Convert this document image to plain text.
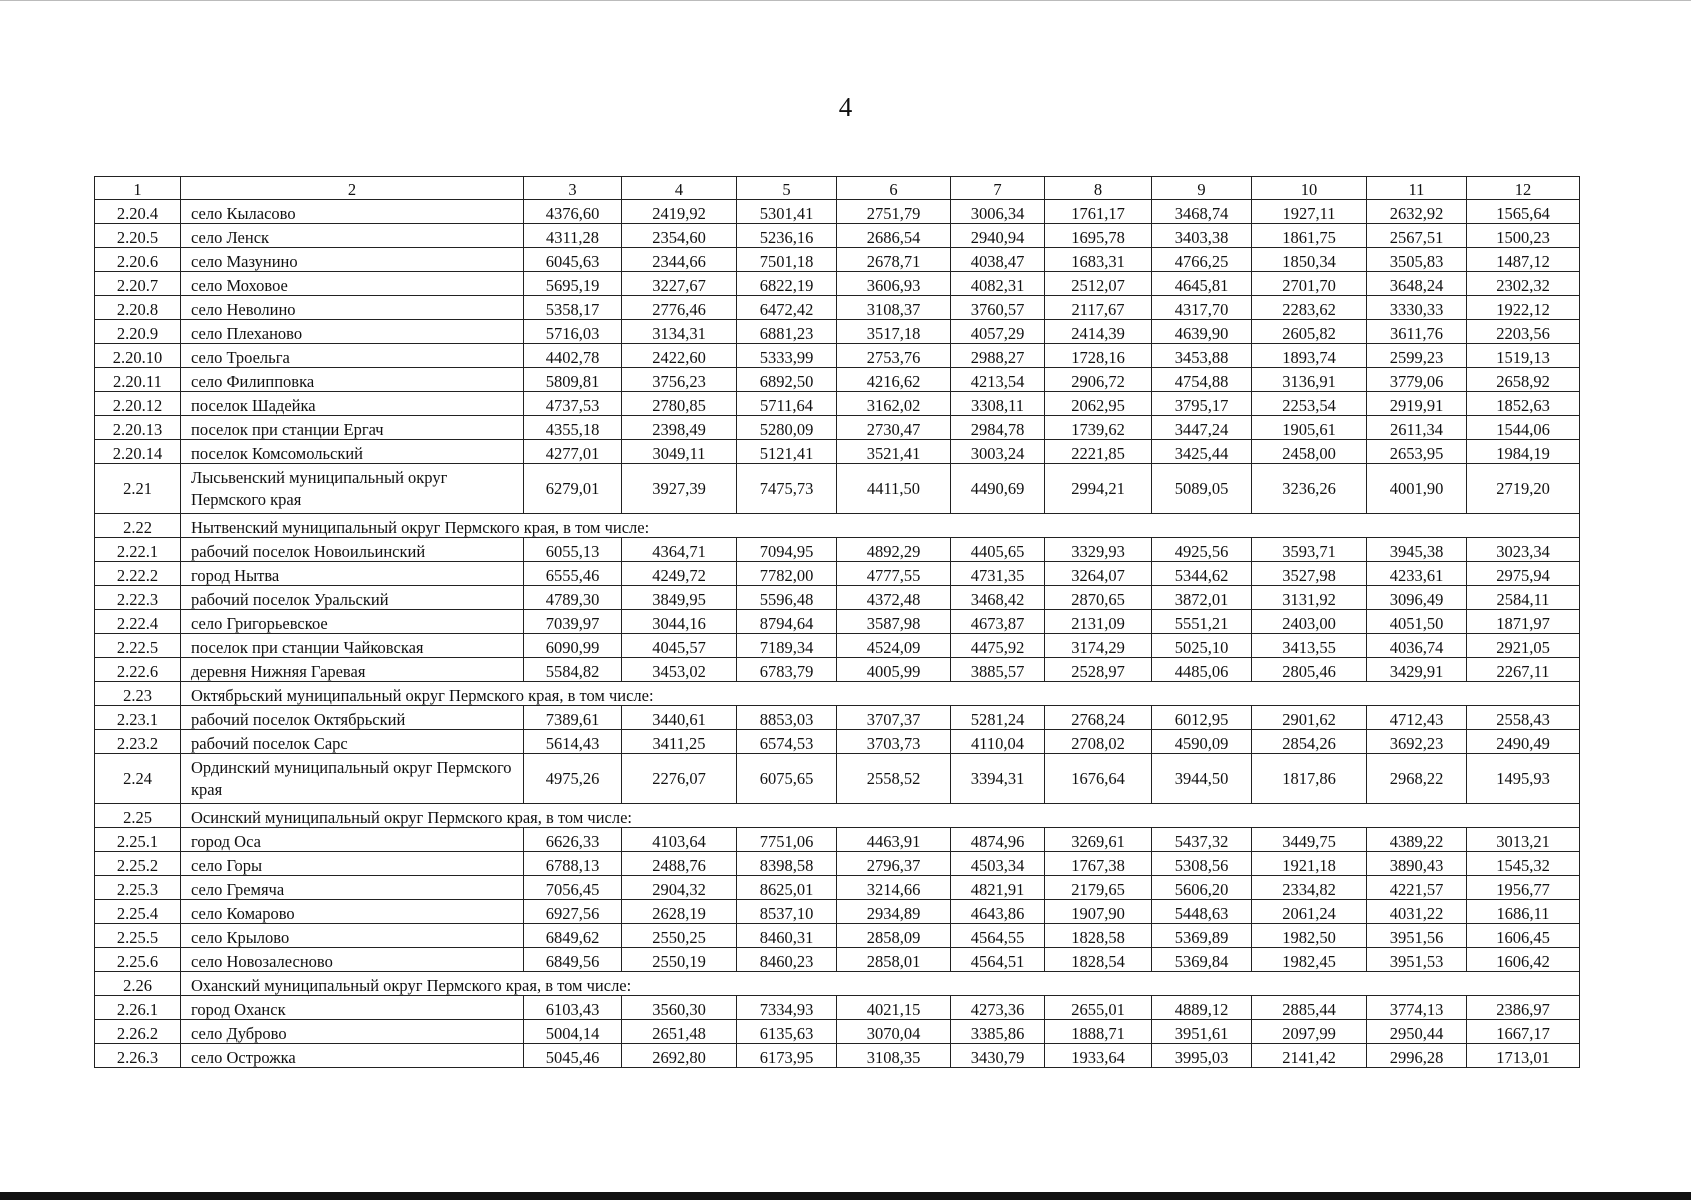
4
1	2	3	4	5	6	7	8	9	10	11	12
2.20.4	село Кыласово	4376,60	2419,92	5301,41	2751,79	3006,34	1761,17	3468,74	1927,11	2632,92	1565,64
2.20.5	село Ленск	4311,28	2354,60	5236,16	2686,54	2940,94	1695,78	3403,38	1861,75	2567,51	1500,23
2.20.6	село Мазунино	6045,63	2344,66	7501,18	2678,71	4038,47	1683,31	4766,25	1850,34	3505,83	1487,12
2.20.7	село Моховое	5695,19	3227,67	6822,19	3606,93	4082,31	2512,07	4645,81	2701,70	3648,24	2302,32
2.20.8	село Неволино	5358,17	2776,46	6472,42	3108,37	3760,57	2117,67	4317,70	2283,62	3330,33	1922,12
2.20.9	село Плеханово	5716,03	3134,31	6881,23	3517,18	4057,29	2414,39	4639,90	2605,82	3611,76	2203,56
2.20.10	село Троельга	4402,78	2422,60	5333,99	2753,76	2988,27	1728,16	3453,88	1893,74	2599,23	1519,13
2.20.11	село Филипповка	5809,81	3756,23	6892,50	4216,62	4213,54	2906,72	4754,88	3136,91	3779,06	2658,92
2.20.12	поселок Шадейка	4737,53	2780,85	5711,64	3162,02	3308,11	2062,95	3795,17	2253,54	2919,91	1852,63
2.20.13	поселок при станции Ергач	4355,18	2398,49	5280,09	2730,47	2984,78	1739,62	3447,24	1905,61	2611,34	1544,06
2.20.14	поселок Комсомольский	4277,01	3049,11	5121,41	3521,41	3003,24	2221,85	3425,44	2458,00	2653,95	1984,19
2.21	Лысьвенский муниципальный округ Пермского края	6279,01	3927,39	7475,73	4411,50	4490,69	2994,21	5089,05	3236,26	4001,90	2719,20
2.22	Нытвенский муниципальный округ Пермского края, в том числе:										
2.22.1	рабочий поселок Новоильинский	6055,13	4364,71	7094,95	4892,29	4405,65	3329,93	4925,56	3593,71	3945,38	3023,34
2.22.2	город Нытва	6555,46	4249,72	7782,00	4777,55	4731,35	3264,07	5344,62	3527,98	4233,61	2975,94
2.22.3	рабочий поселок Уральский	4789,30	3849,95	5596,48	4372,48	3468,42	2870,65	3872,01	3131,92	3096,49	2584,11
2.22.4	село Григорьевское	7039,97	3044,16	8794,64	3587,98	4673,87	2131,09	5551,21	2403,00	4051,50	1871,97
2.22.5	поселок при станции Чайковская	6090,99	4045,57	7189,34	4524,09	4475,92	3174,29	5025,10	3413,55	4036,74	2921,05
2.22.6	деревня Нижняя Гаревая	5584,82	3453,02	6783,79	4005,99	3885,57	2528,97	4485,06	2805,46	3429,91	2267,11
2.23	Октябрьский муниципальный округ Пермского края, в том числе:										
2.23.1	рабочий поселок Октябрьский	7389,61	3440,61	8853,03	3707,37	5281,24	2768,24	6012,95	2901,62	4712,43	2558,43
2.23.2	рабочий поселок Сарс	5614,43	3411,25	6574,53	3703,73	4110,04	2708,02	4590,09	2854,26	3692,23	2490,49
2.24	Ординский муниципальный округ Пермского края	4975,26	2276,07	6075,65	2558,52	3394,31	1676,64	3944,50	1817,86	2968,22	1495,93
2.25	Осинский муниципальный округ Пермского края, в том числе:										
2.25.1	город Оса	6626,33	4103,64	7751,06	4463,91	4874,96	3269,61	5437,32	3449,75	4389,22	3013,21
2.25.2	село Горы	6788,13	2488,76	8398,58	2796,37	4503,34	1767,38	5308,56	1921,18	3890,43	1545,32
2.25.3	село Гремяча	7056,45	2904,32	8625,01	3214,66	4821,91	2179,65	5606,20	2334,82	4221,57	1956,77
2.25.4	село Комарово	6927,56	2628,19	8537,10	2934,89	4643,86	1907,90	5448,63	2061,24	4031,22	1686,11
2.25.5	село Крылово	6849,62	2550,25	8460,31	2858,09	4564,55	1828,58	5369,89	1982,50	3951,56	1606,45
2.25.6	село Новозалесново	6849,56	2550,19	8460,23	2858,01	4564,51	1828,54	5369,84	1982,45	3951,53	1606,42
2.26	Оханский муниципальный округ Пермского края, в том числе:										
2.26.1	город Оханск	6103,43	3560,30	7334,93	4021,15	4273,36	2655,01	4889,12	2885,44	3774,13	2386,97
2.26.2	село Дуброво	5004,14	2651,48	6135,63	3070,04	3385,86	1888,71	3951,61	2097,99	2950,44	1667,17
2.26.3	село Острожка	5045,46	2692,80	6173,95	3108,35	3430,79	1933,64	3995,03	2141,42	2996,28	1713,01
